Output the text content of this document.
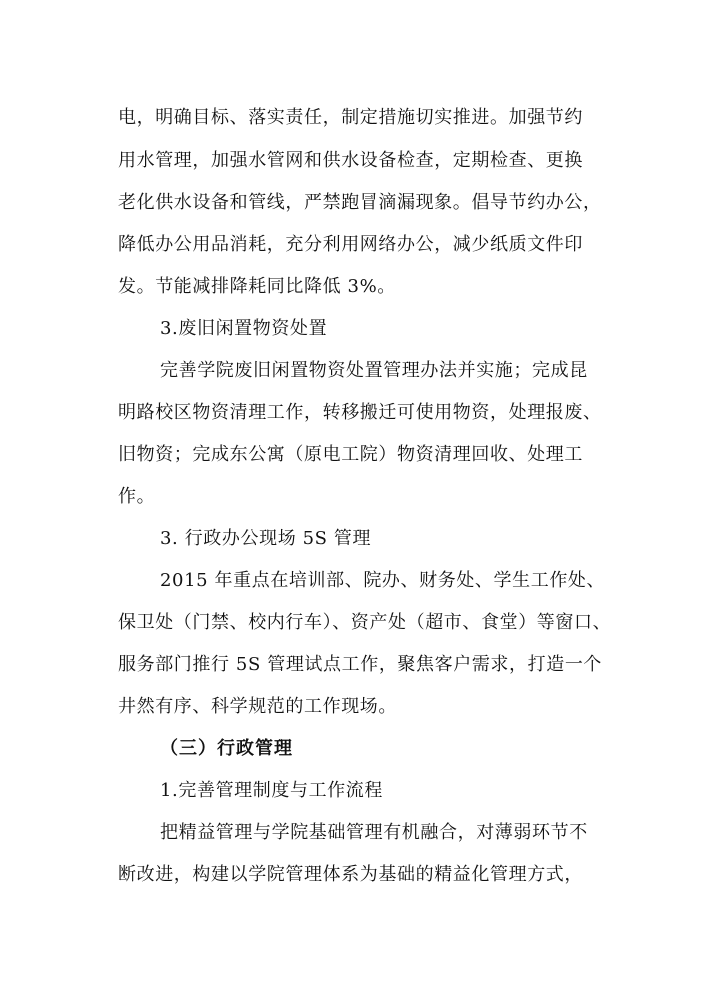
电，明确目标、落实责任，制定措施切实推进。加强节约
用水管理，加强水管网和供水设备检查，定期检查、更换
老化供水设备和管线，严禁跑冒滴漏现象。倡导节约办公，
降低办公用品消耗，充分利用网络办公，减少纸质文件印
发。节能减排降耗同比降低 3%。
3.废旧闲置物资处置
完善学院废旧闲置物资处置管理办法并实施；完成昆
明路校区物资清理工作，转移搬迁可使用物资，处理报废、
旧物资；完成东公寓（原电工院）物资清理回收、处理工
作。
3. 行政办公现场 5S 管理
2015 年重点在培训部、院办、财务处、学生工作处、
保卫处（门禁、校内行车）、资产处（超市、食堂）等窗口、
服务部门推行 5S 管理试点工作，聚焦客户需求，打造一个
井然有序、科学规范的工作现场。
（三）行政管理
1.完善管理制度与工作流程
把精益管理与学院基础管理有机融合，对薄弱环节不
断改进，构建以学院管理体系为基础的精益化管理方式，
